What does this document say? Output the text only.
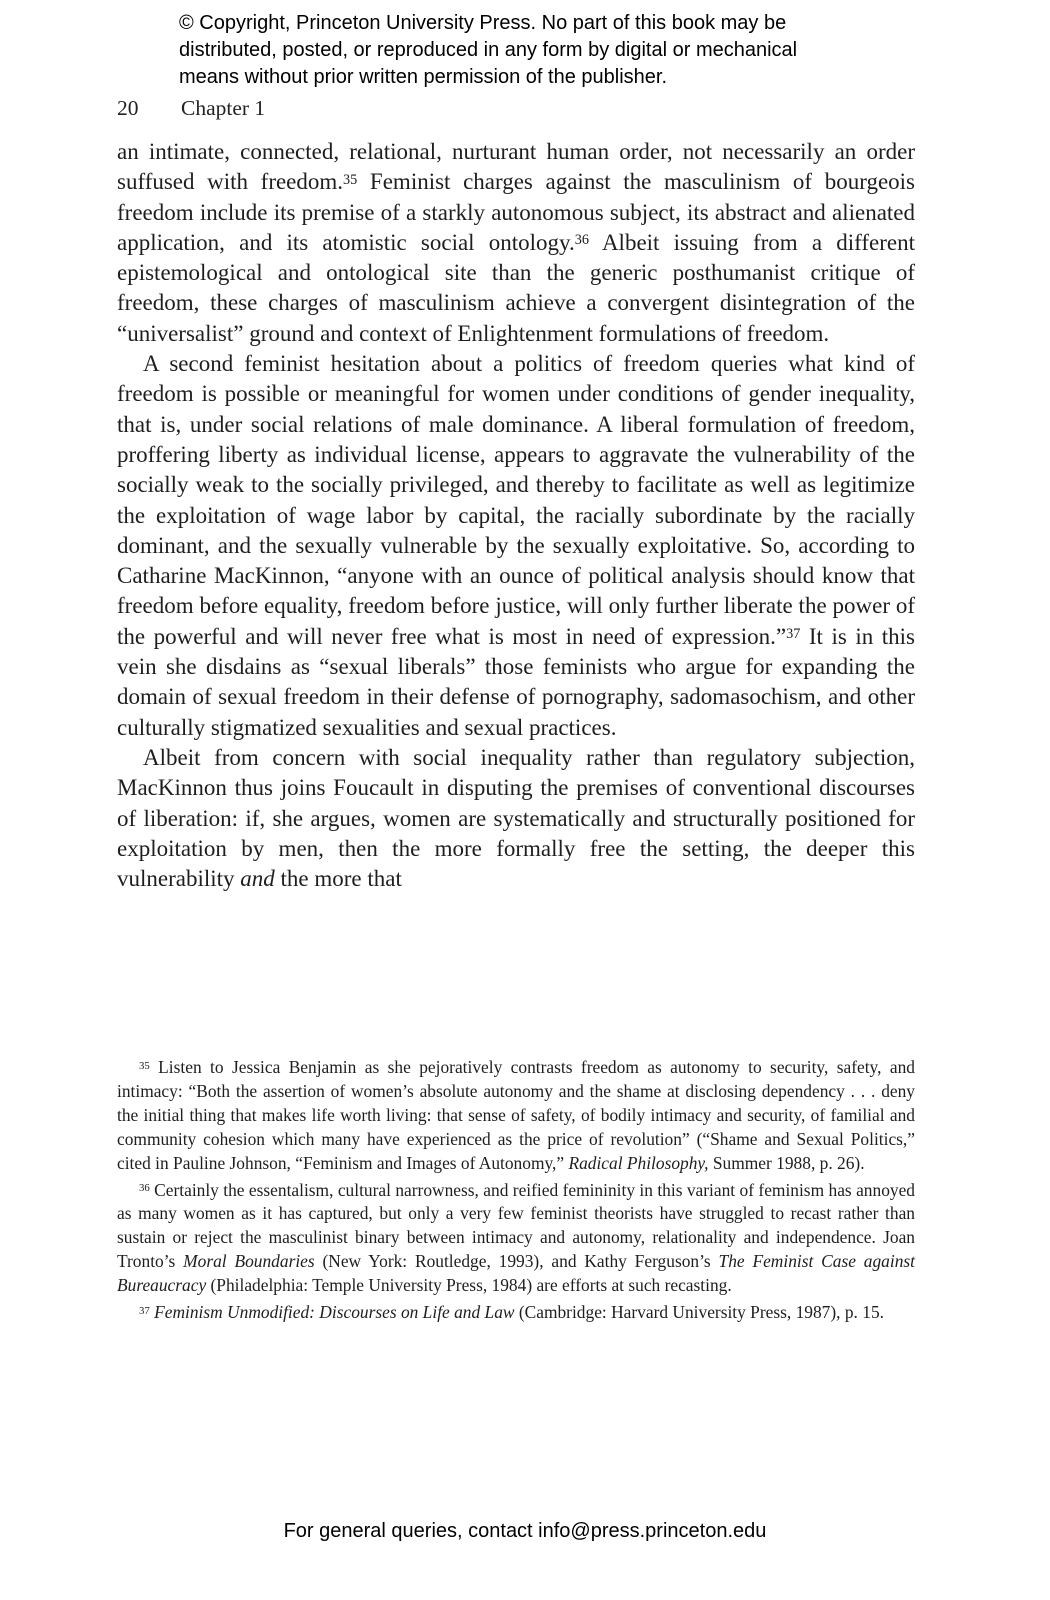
© Copyright, Princeton University Press. No part of this book may be
distributed, posted, or reproduced in any form by digital or mechanical
means without prior written permission of the publisher.
20 Chapter 1

an intimate, connected, relational, nurturant human order, not necessarily an order suffused with freedom.$^{35}$ Feminist charges against the masculinism of bourgeois freedom include its premise of a starkly autonomous subject, its abstract and alienated application, and its atomistic social ontology.$^{36}$ Albeit issuing from a different epistemological and ontological site than the generic posthumanist critique of freedom, these charges of masculinism achieve a convergent disintegration of the “universalist” ground and context of Enlightenment formulations of freedom.

A second feminist hesitation about a politics of freedom queries what kind of freedom is possible or meaningful for women under conditions of gender inequality, that is, under social relations of male dominance. A liberal formulation of freedom, proffering liberty as individual license, appears to aggravate the vulnerability of the socially weak to the socially privileged, and thereby to facilitate as well as legitimize the exploitation of wage labor by capital, the racially subordinate by the racially dominant, and the sexually vulnerable by the sexually exploitative. So, according to Catharine MacKinnon, “anyone with an ounce of political analysis should know that freedom before equality, freedom before justice, will only further liberate the power of the powerful and will never free what is most in need of expression.”$^{37}$ It is in this vein she disdains as “sexual liberals” those feminists who argue for expanding the domain of sexual freedom in their defense of pornography, sadomasochism, and other culturally stigmatized sexualities and sexual practices.

Albeit from concern with social inequality rather than regulatory subjection, MacKinnon thus joins Foucault in disputing the premises of conventional discourses of liberation: if, she argues, women are systematically and structurally positioned for exploitation by men, then the more formally free the setting, the deeper this vulnerability and the more that

$^{35}$ Listen to Jessica Benjamin as she pejoratively contrasts freedom as autonomy to security, safety, and intimacy: “Both the assertion of women’s absolute autonomy and the shame at disclosing dependency . . . deny the initial thing that makes life worth living: that sense of safety, of bodily intimacy and security, of familial and community cohesion which many have experienced as the price of revolution” (“Shame and Sexual Politics,” cited in Pauline Johnson, “Feminism and Images of Autonomy,” Radical Philosophy, Summer 1988, p. 26).

$^{36}$ Certainly the essentalism, cultural narrowness, and reified femininity in this variant of feminism has annoyed as many women as it has captured, but only a very few feminist theorists have struggled to recast rather than sustain or reject the masculinist binary between intimacy and autonomy, relationality and independence. Joan Tronto’s Moral Boundaries (New York: Routledge, 1993), and Kathy Ferguson’s The Feminist Case against Bureaucracy (Philadelphia: Temple University Press, 1984) are efforts at such recasting.

$^{37}$ Feminism Unmodified: Discourses on Life and Law (Cambridge: Harvard University Press, 1987), p. 15.

For general queries, contact info@press.princeton.edu
